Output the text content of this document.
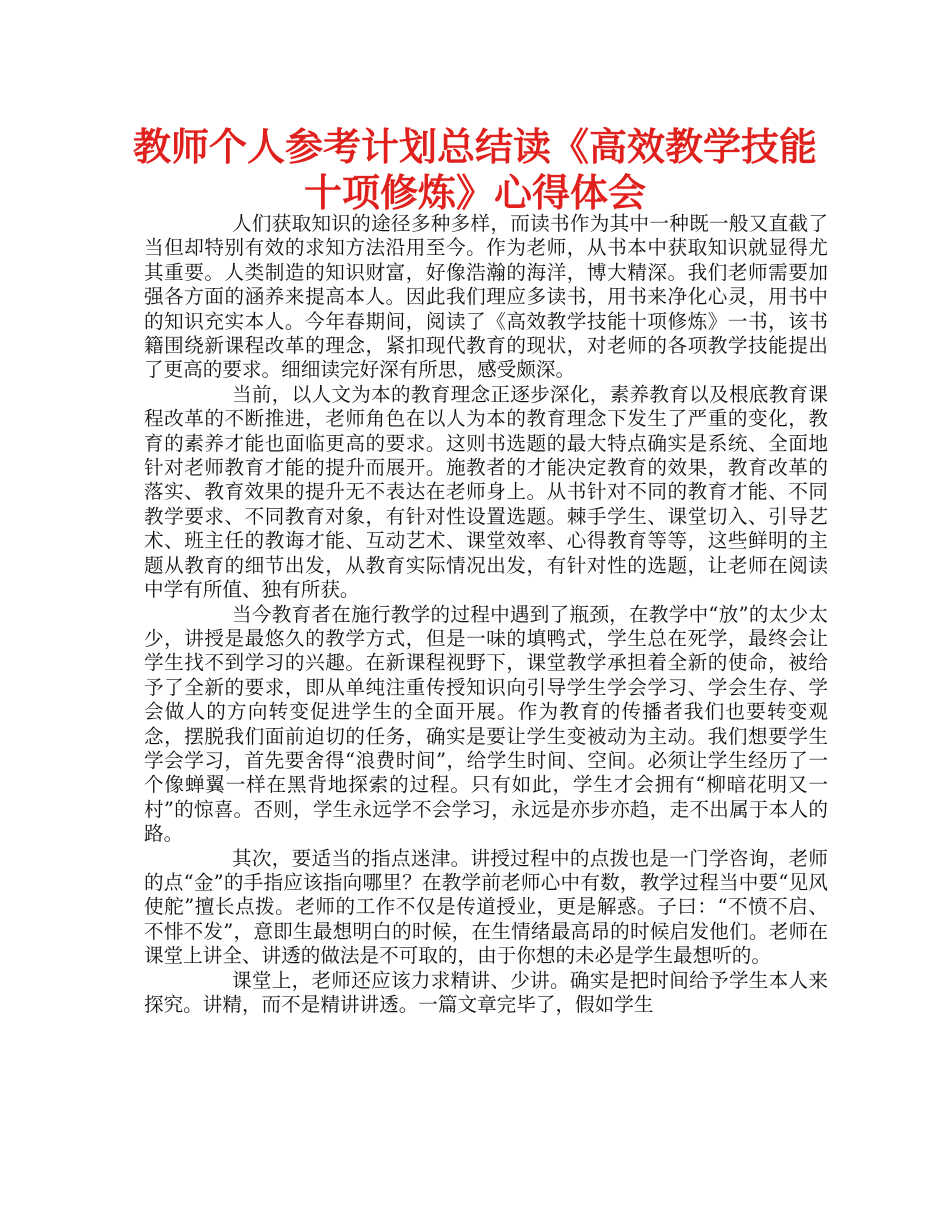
教师个人参考计划总结读《高效教学技能十项修炼》心得体会

人们获取知识的途径多种多样，而读书作为其中一种既一般又直截了当但却特别有效的求知方法沿用至今。作为老师，从书本中获取知识就显得尤其重要。人类制造的知识财富，好像浩瀚的海洋，博大精深。我们老师需要加强各方面的涵养来提高本人。因此我们理应多读书，用书来净化心灵，用书中的知识充实本人。今年春期间，阅读了《高效教学技能十项修炼》一书，该书籍围绕新课程改革的理念，紧扣现代教育的现状，对老师的各项教学技能提出了更高的要求。细细读完好深有所思，感受颇深。

当前，以人文为本的教育理念正逐步深化，素养教育以及根底教育课程改革的不断推进，老师角色在以人为本的教育理念下发生了严重的变化，教育的素养才能也面临更高的要求。这则书选题的最大特点确实是系统、全面地针对老师教育才能的提升而展开。施教者的才能决定教育的效果，教育改革的落实、教育效果的提升无不表达在老师身上。从书针对不同的教育才能、不同教学要求、不同教育对象，有针对性设置选题。棘手学生、课堂切入、引导艺术、班主任的教诲才能、互动艺术、课堂效率、心得教育等等，这些鲜明的主题从教育的细节出发，从教育实际情况出发，有针对性的选题，让老师在阅读中学有所值、独有所获。

当今教育者在施行教学的过程中遇到了瓶颈，在教学中“放”的太少太少，讲授是最悠久的教学方式，但是一味的填鸭式，学生总在死学，最终会让学生找不到学习的兴趣。在新课程视野下，课堂教学承担着全新的使命，被给予了全新的要求，即从单纯注重传授知识向引导学生学会学习、学会生存、学会做人的方向转变促进学生的全面开展。作为教育的传播者我们也要转变观念，摆脱我们面前迫切的任务，确实是要让学生变被动为主动。我们想要学生学会学习，首先要舍得“浪费时间”，给学生时间、空间。必须让学生经历了一个像蝉翼一样在黑背地探索的过程。只有如此，学生才会拥有“柳暗花明又一村”的惊喜。否则，学生永远学不会学习，永远是亦步亦趋，走不出属于本人的路。

其次，要适当的指点迷津。讲授过程中的点拨也是一门学咨询，老师的点“金”的手指应该指向哪里？在教学前老师心中有数，教学过程当中要“见风使舵”擅长点拨。老师的工作不仅是传道授业，更是解惑。子曰：“不愤不启、不悱不发”，意即生最想明白的时候，在生情绪最高昂的时候启发他们。老师在课堂上讲全、讲透的做法是不可取的，由于你想的未必是学生最想听的。

课堂上，老师还应该力求精讲、少讲。确实是把时间给予学生本人来探究。讲精，而不是精讲讲透。一篇文章完毕了，假如学生
